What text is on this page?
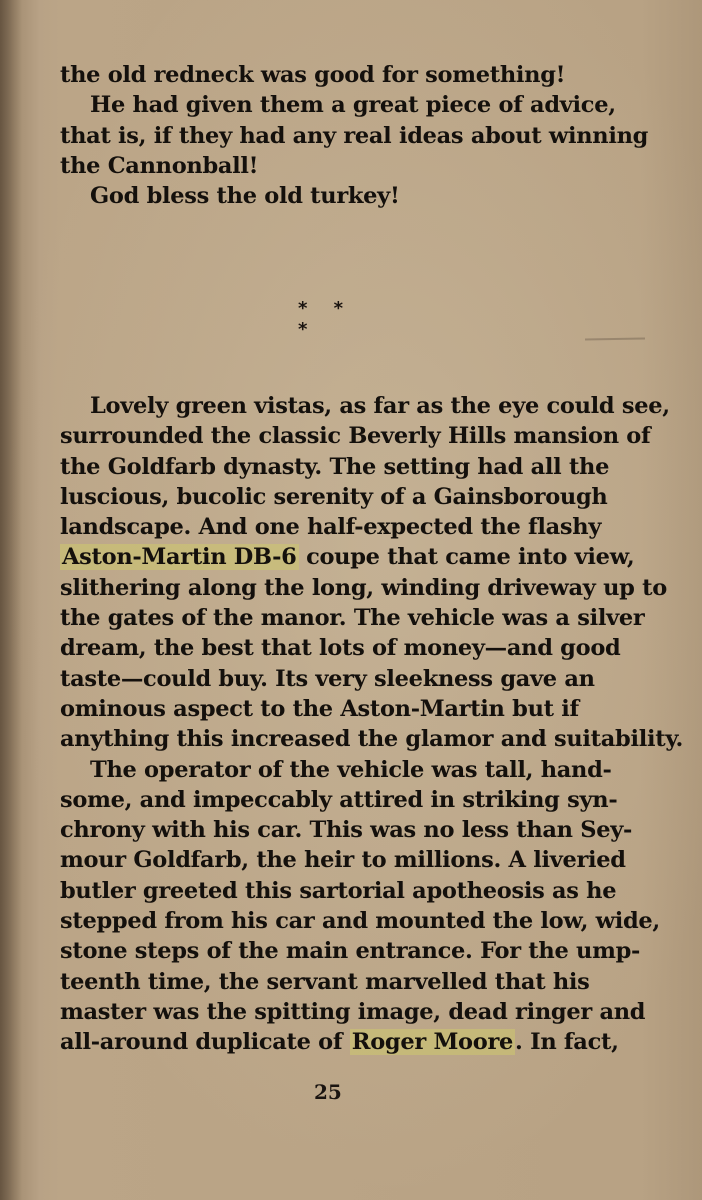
the old redneck was good for something!
He had given them a great piece of advice,
that is, if they had any real ideas about winning
the Cannonball!
God bless the old turkey!
* * *
Lovely green vistas, as far as the eye could see,
surrounded the classic Beverly Hills mansion of
the Goldfarb dynasty. The setting had all the
luscious, bucolic serenity of a Gainsborough
landscape. And one half-expected the flashy
Aston-Martin DB-6 coupe that came into view,
slithering along the long, winding driveway up to
the gates of the manor. The vehicle was a silver
dream, the best that lots of money—and good
taste—could buy. Its very sleekness gave an
ominous aspect to the Aston-Martin but if
anything this increased the glamor and suitability.
The operator of the vehicle was tall, hand-
some, and impeccably attired in striking syn-
chrony with his car. This was no less than Sey-
mour Goldfarb, the heir to millions. A liveried
butler greeted this sartorial apotheosis as he
stepped from his car and mounted the low, wide,
stone steps of the main entrance. For the ump-
teenth time, the servant marvelled that his
master was the spitting image, dead ringer and
all-around duplicate of Roger Moore. In fact,
25
